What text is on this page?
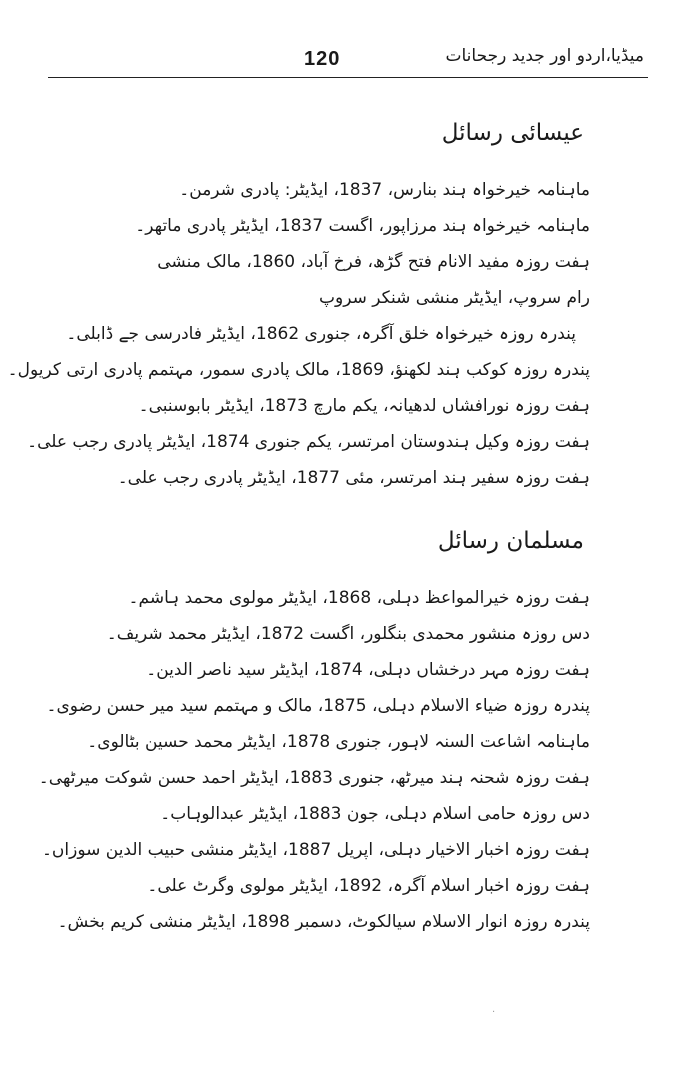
120	میڈیا،اردو اور جدید رجحانات
عیسائی رسائل
ماہنامہ خیرخواہ ہند بنارس، 1837، ایڈیٹر: پادری شرمن۔
ماہنامہ خیرخواہ ہند مرزاپور، اگست 1837، ایڈیٹر پادری ماتھر۔
ہفت روزہ مفید الانام فتح گڑھ، فرخ آباد، 1860، مالک منشی رام سروپ، ایڈیٹر منشی شنکر سروپ
پندرہ روزہ خیرخواہ خلق آگرہ، جنوری 1862، ایڈیٹر فادرسی جے ڈابلی۔
پندرہ روزہ کوکب ہند لکھنؤ، 1869، مالک پادری سمور، مہتمم پادری ارتی کریول۔
ہفت روزہ نورافشاں لدھیانہ، یکم مارچ 1873، ایڈیٹر بابوسنبی۔
ہفت روزہ وکیل ہندوستان امرتسر، یکم جنوری 1874، ایڈیٹر پادری رجب علی۔
ہفت روزہ سفیر ہند امرتسر، مئی 1877، ایڈیٹر پادری رجب علی۔
مسلمان رسائل
ہفت روزہ خیرالمواعظ دہلی، 1868، ایڈیٹر مولوی محمد ہاشم۔
دس روزہ منشور محمدی بنگلور، اگست 1872، ایڈیٹر محمد شریف۔
ہفت روزہ مہر درخشاں دہلی، 1874، ایڈیٹر سید ناصر الدین۔
پندرہ روزہ ضیاء الاسلام دہلی، 1875، مالک و مہتمم سید میر حسن رضوی۔
ماہنامہ اشاعت السنہ لاہور، جنوری 1878، ایڈیٹر محمد حسین بٹالوی۔
ہفت روزہ شحنہ ہند میرٹھ، جنوری 1883، ایڈیٹر احمد حسن شوکت میرٹھی۔
دس روزہ حامی اسلام دہلی، جون 1883، ایڈیٹر عبدالوہاب۔
ہفت روزہ اخبار الاخیار دہلی، اپریل 1887، ایڈیٹر منشی حبیب الدین سوزاں۔
ہفت روزہ اخبار اسلام آگرہ، 1892، ایڈیٹر مولوی وگرٹ علی۔
پندرہ روزہ انوار الاسلام سیالکوٹ، دسمبر 1898، ایڈیٹر منشی کریم بخش۔
·
